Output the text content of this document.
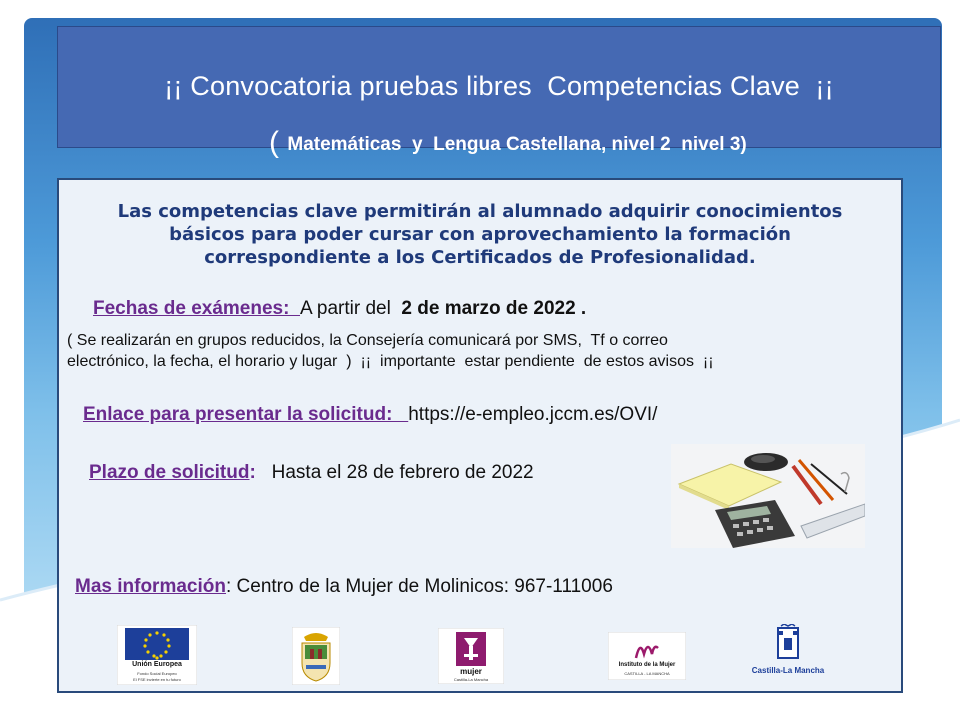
¡¡ Convocatoria pruebas libres  Competencias Clave  ¡¡

( Matemáticas  y  Lengua Castellana, nivel 2  nivel 3)

Las competencias clave permitirán al alumnado adquirir conocimientos
básicos para poder cursar con aprovechamiento la formación
correspondiente a los Certificados de Profesionalidad.
Fechas de exámenes:  A partir del  2 de marzo de 2022 .
( Se realizarán en grupos reducidos, la Consejería comunicará por SMS,  Tf o correo
electrónico, la fecha, el horario y lugar  )  ¡¡  importante  estar pendiente  de estos avisos  ¡¡
Enlace para presentar la solicitud:   https://e-empleo.jccm.es/OVI/
Plazo de solicitud:   Hasta el 28 de febrero de 2022
Mas información: Centro de la Mujer de Molinicos: 967-111006
Unión Europea
Fondo Social Europeo
El FSE invierte en tu futuro
mujer
Castilla-La Mancha
Instituto de la Mujer
CASTILLA - LA MANCHA	Castilla-La Mancha
